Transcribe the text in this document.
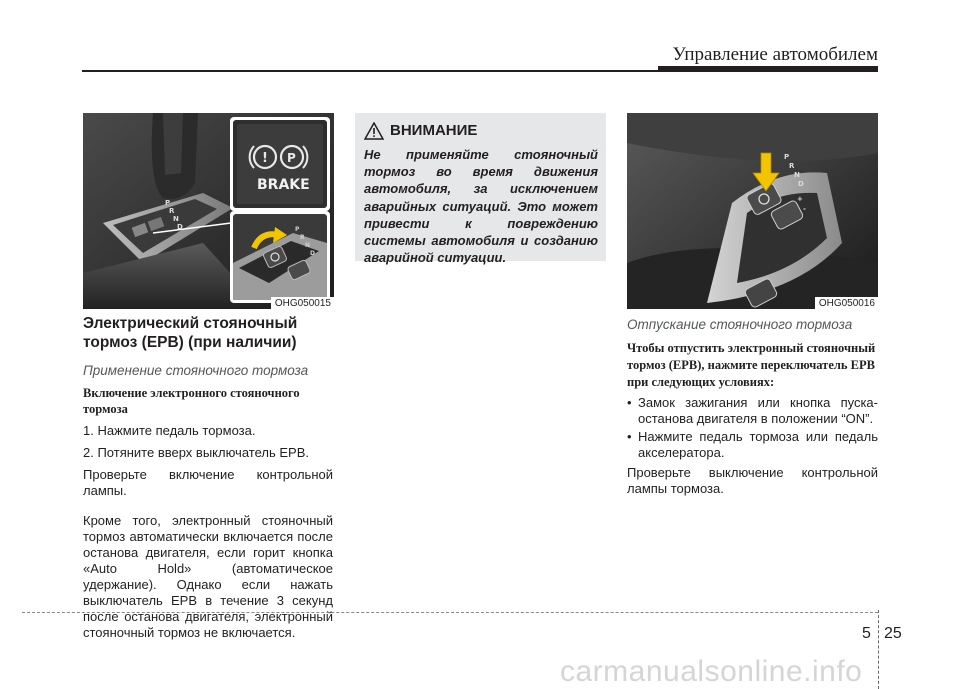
Управление автомобилем
P
R
N
D
! P
BRAKE
P
R
N
D
OHG050015
Электрический стояночный тормоз (EPB) (при наличии)
Применение стояночного тормоза
Включение электронного стояночного тормоза
1. Нажмите педаль тормоза.
2. Потяните вверх выключатель EPB.
Проверьте включение контрольной лампы.
Кроме того, электронный стояночный тормоз автоматически включается после останова двигателя, если горит кнопка «Auto Hold» (автоматическое удержание). Однако если нажать выключатель EPB в течение 3 секунд после останова двигателя, электронный стояночный тормоз не включается.
ВНИМАНИЕ
Не применяйте стояночный тормоз во время движения автомобиля, за исключением аварийных ситуаций. Это может привести к повреждению системы автомобиля и созданию аварийной ситуации.
P
R
N
D
+
-
OHG050016
Отпускание стояночного тормоза
Чтобы отпустить электронный стояночный тормоз (EPB), нажмите переключатель EPB при следующих условиях:
• Замок зажигания или кнопка пуска-останова двигателя в положении “ON”.
• Нажмите педаль тормоза или педаль акселератора.
Проверьте выключение контрольной лампы тормоза.
5 25
carmanualsonline.info
